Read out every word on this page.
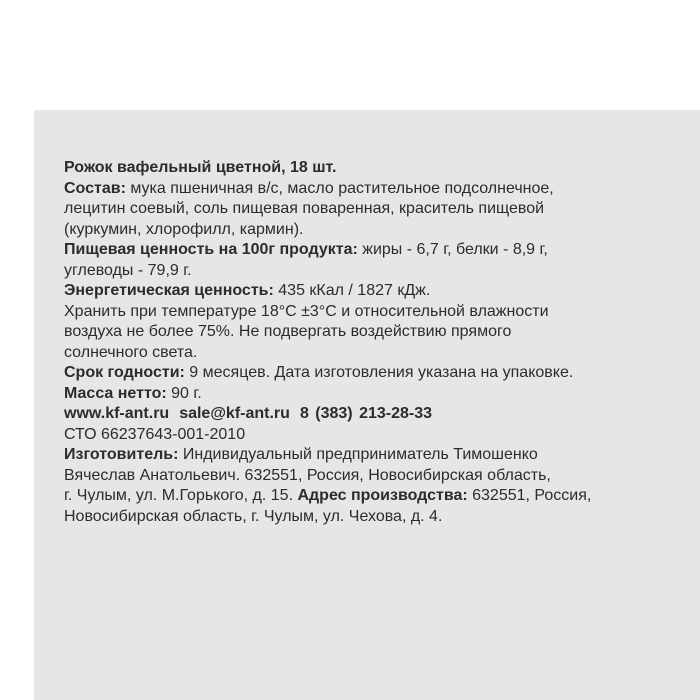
Рожок вафельный цветной, 18 шт.

Состав: мука пшеничная в/с, масло растительное подсолнечное,

лецитин соевый, соль пищевая поваренная, краситель пищевой

(куркумин, хлорофилл, кармин).

Пищевая ценность на 100г продукта: жиры - 6,7 г, белки - 8,9 г,

углеводы - 79,9 г.

Энергетическая ценность: 435 кКал / 1827 кДж.

Хранить при температуре 18°С ±3°С и относительной влажности

воздуха не более 75%. Не подвергать воздействию прямого

солнечного света.

Срок годности: 9 месяцев. Дата изготовления указана на упаковке.

Масса нетто: 90 г.

www.kf-ant.ru sale@kf-ant.ru 8 (383) 213-28-33

СТО 66237643-001-2010

Изготовитель: Индивидуальный предприниматель Тимошенко

Вячеслав Анатольевич. 632551, Россия, Новосибирская область,

г. Чулым, ул. М.Горького, д. 15. Адрес производства: 632551, Россия,

Новосибирская область, г. Чулым, ул. Чехова, д. 4.
